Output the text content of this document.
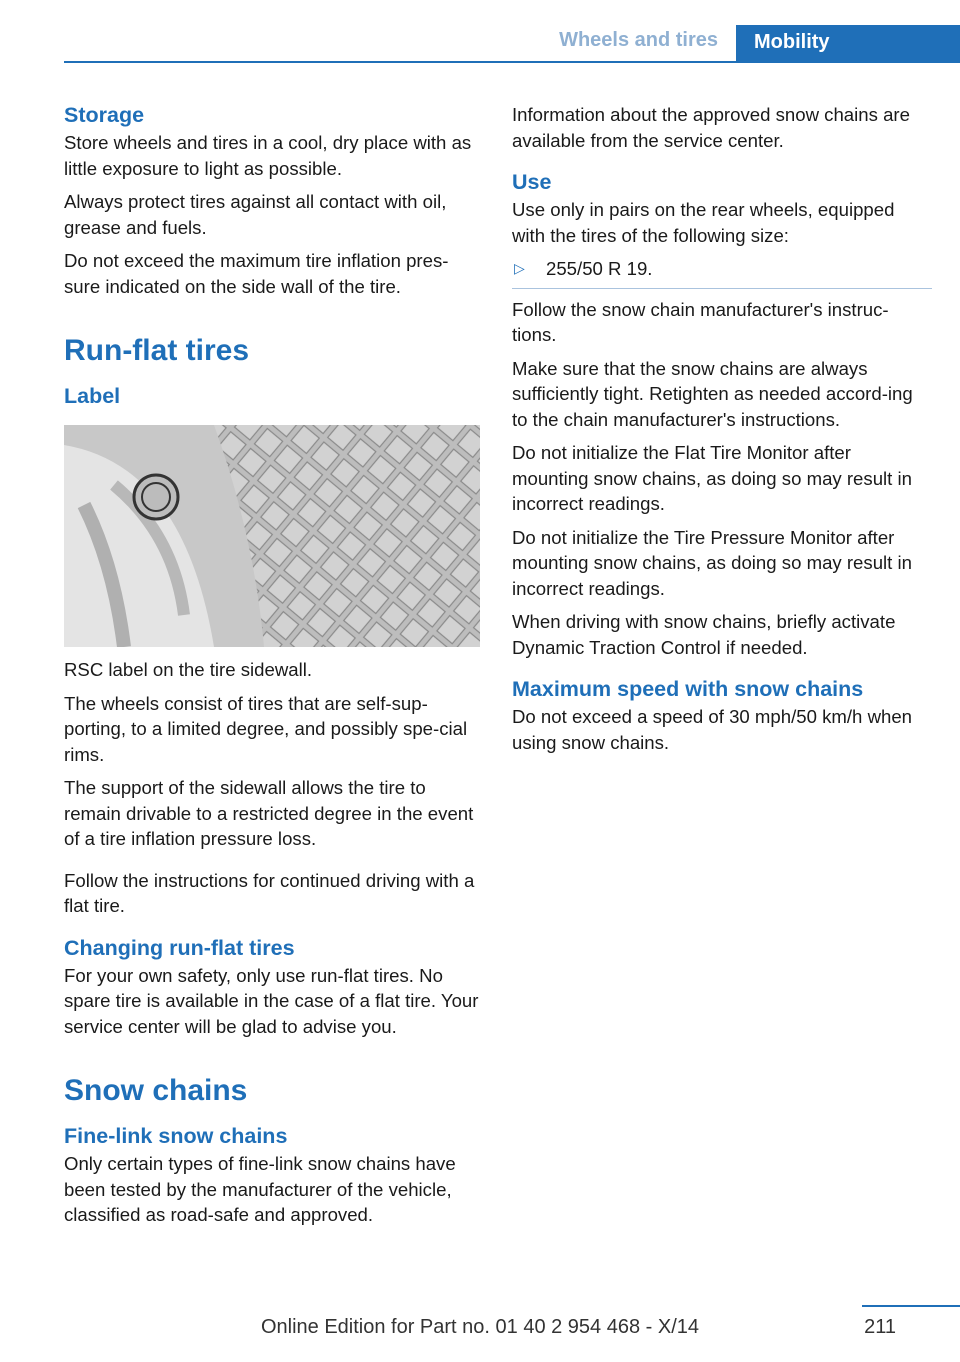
Wheels and tires	Mobility
Storage

Store wheels and tires in a cool, dry place with as little exposure to light as possible.

Always protect tires against all contact with oil, grease and fuels.

Do not exceed the maximum tire inflation pres‐sure indicated on the side wall of the tire.

Run-flat tires
Label

RSC label on the tire sidewall.

The wheels consist of tires that are self-sup‐porting, to a limited degree, and possibly spe‐cial rims.

The support of the sidewall allows the tire to remain drivable to a restricted degree in the event of a tire inflation pressure loss.

Follow the instructions for continued driving with a flat tire.

Changing run-flat tires

For your own safety, only use run-flat tires. No spare tire is available in the case of a flat tire. Your service center will be glad to advise you.

Snow chains
Fine-link snow chains

Only certain types of fine-link snow chains have been tested by the manufacturer of the vehicle, classified as road-safe and approved.

Information about the approved snow chains are available from the service center.

Use

Use only in pairs on the rear wheels, equipped with the tires of the following size:

▷ 255/50 R 19.

Follow the snow chain manufacturer's instruc‐tions.

Make sure that the snow chains are always sufficiently tight. Retighten as needed accord‐ing to the chain manufacturer's instructions.

Do not initialize the Flat Tire Monitor after mounting snow chains, as doing so may result in incorrect readings.

Do not initialize the Tire Pressure Monitor after mounting snow chains, as doing so may result in incorrect readings.

When driving with snow chains, briefly activate Dynamic Traction Control if needed.

Maximum speed with snow chains

Do not exceed a speed of 30 mph/50 km/h when using snow chains.

211
Online Edition for Part no. 01 40 2 954 468 - X/14
